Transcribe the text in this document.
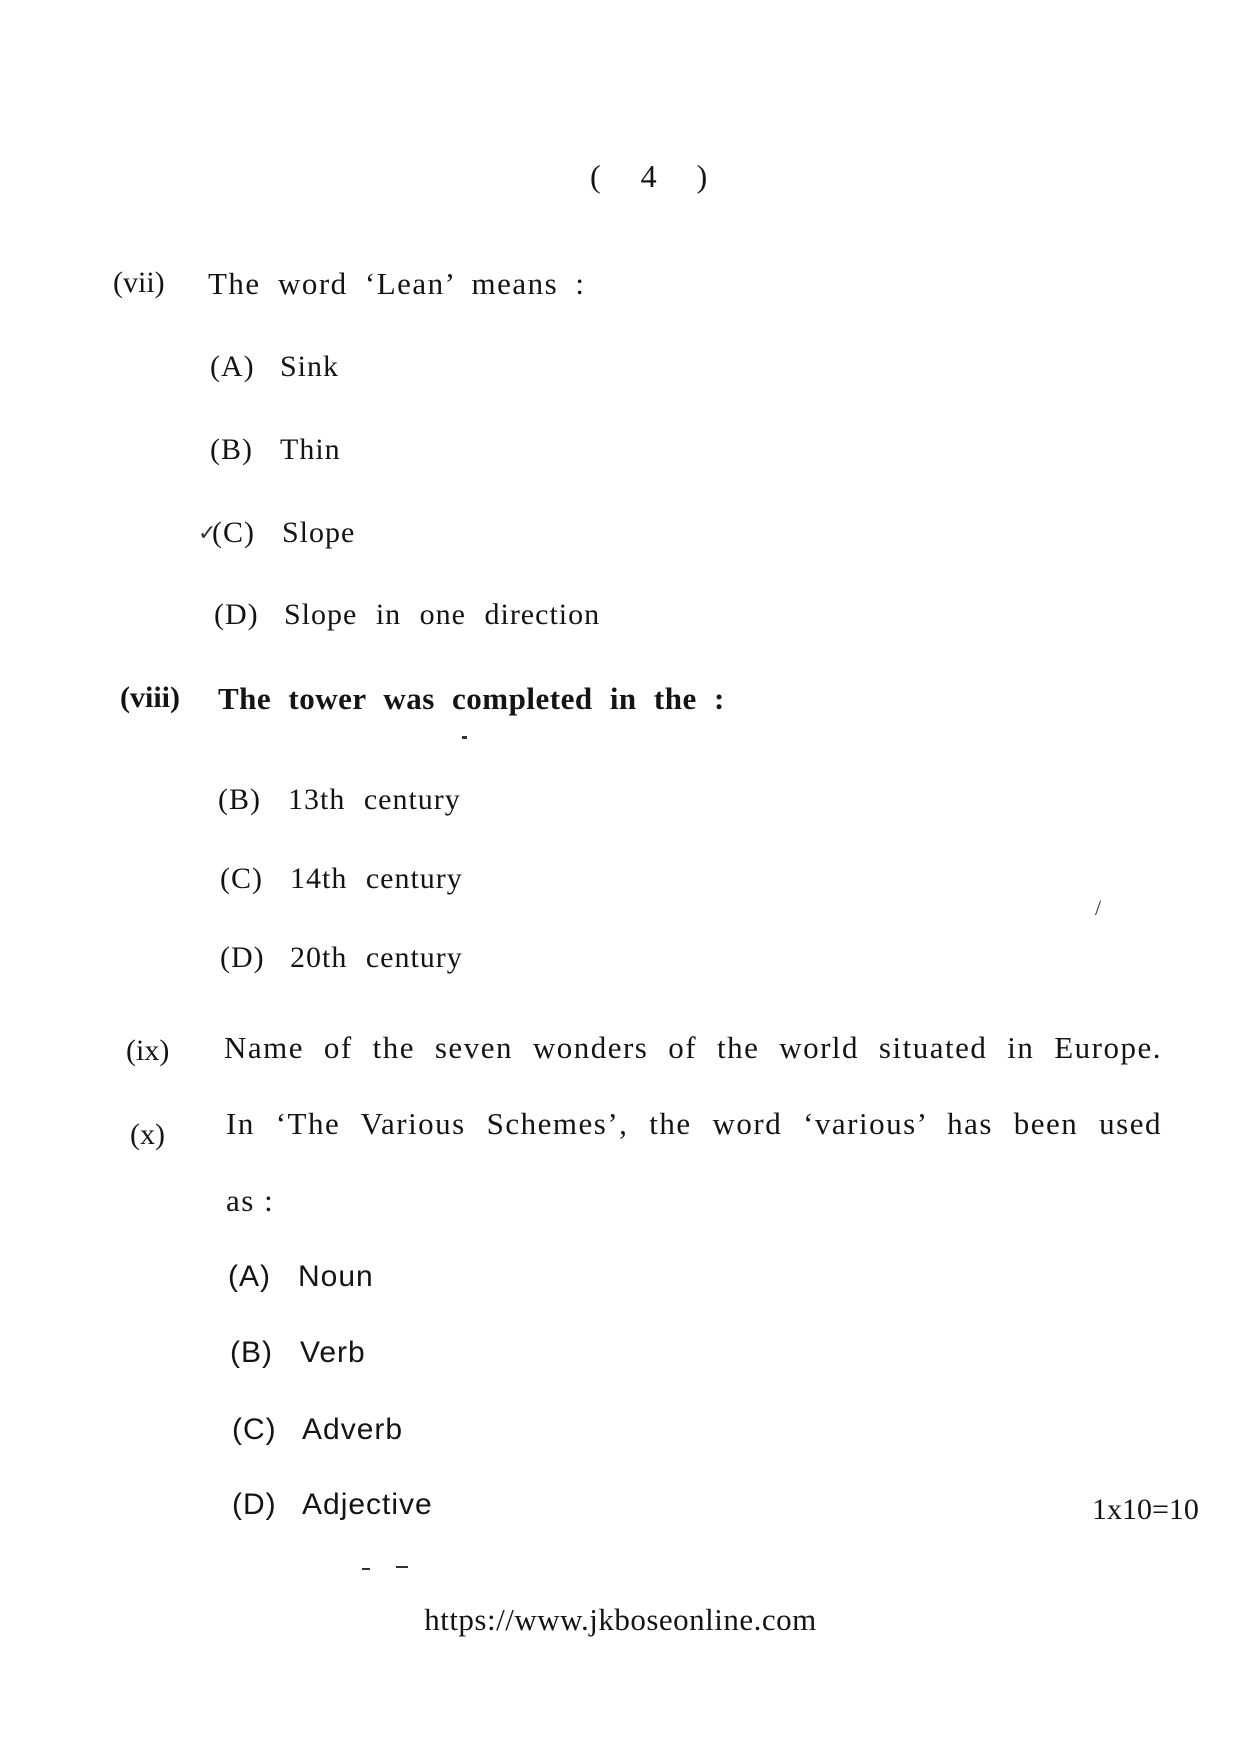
( 4 )
(vii) The word ‘Lean’ means :
(A) Sink
(B) Thin
✓
(C) Slope
(D) Slope in one direction
(viii) The tower was completed in the :
(B) 13th century
(C) 14th century
/
(D) 20th century
(ix) Name of the seven wonders of the world situated in Europe.
(x) In ‘The Various Schemes’, the word ‘various’ has been used
as :
(A) Noun
(B) Verb
(C) Adverb
(D) Adjective	1x10=10
https://www.jkboseonline.com
